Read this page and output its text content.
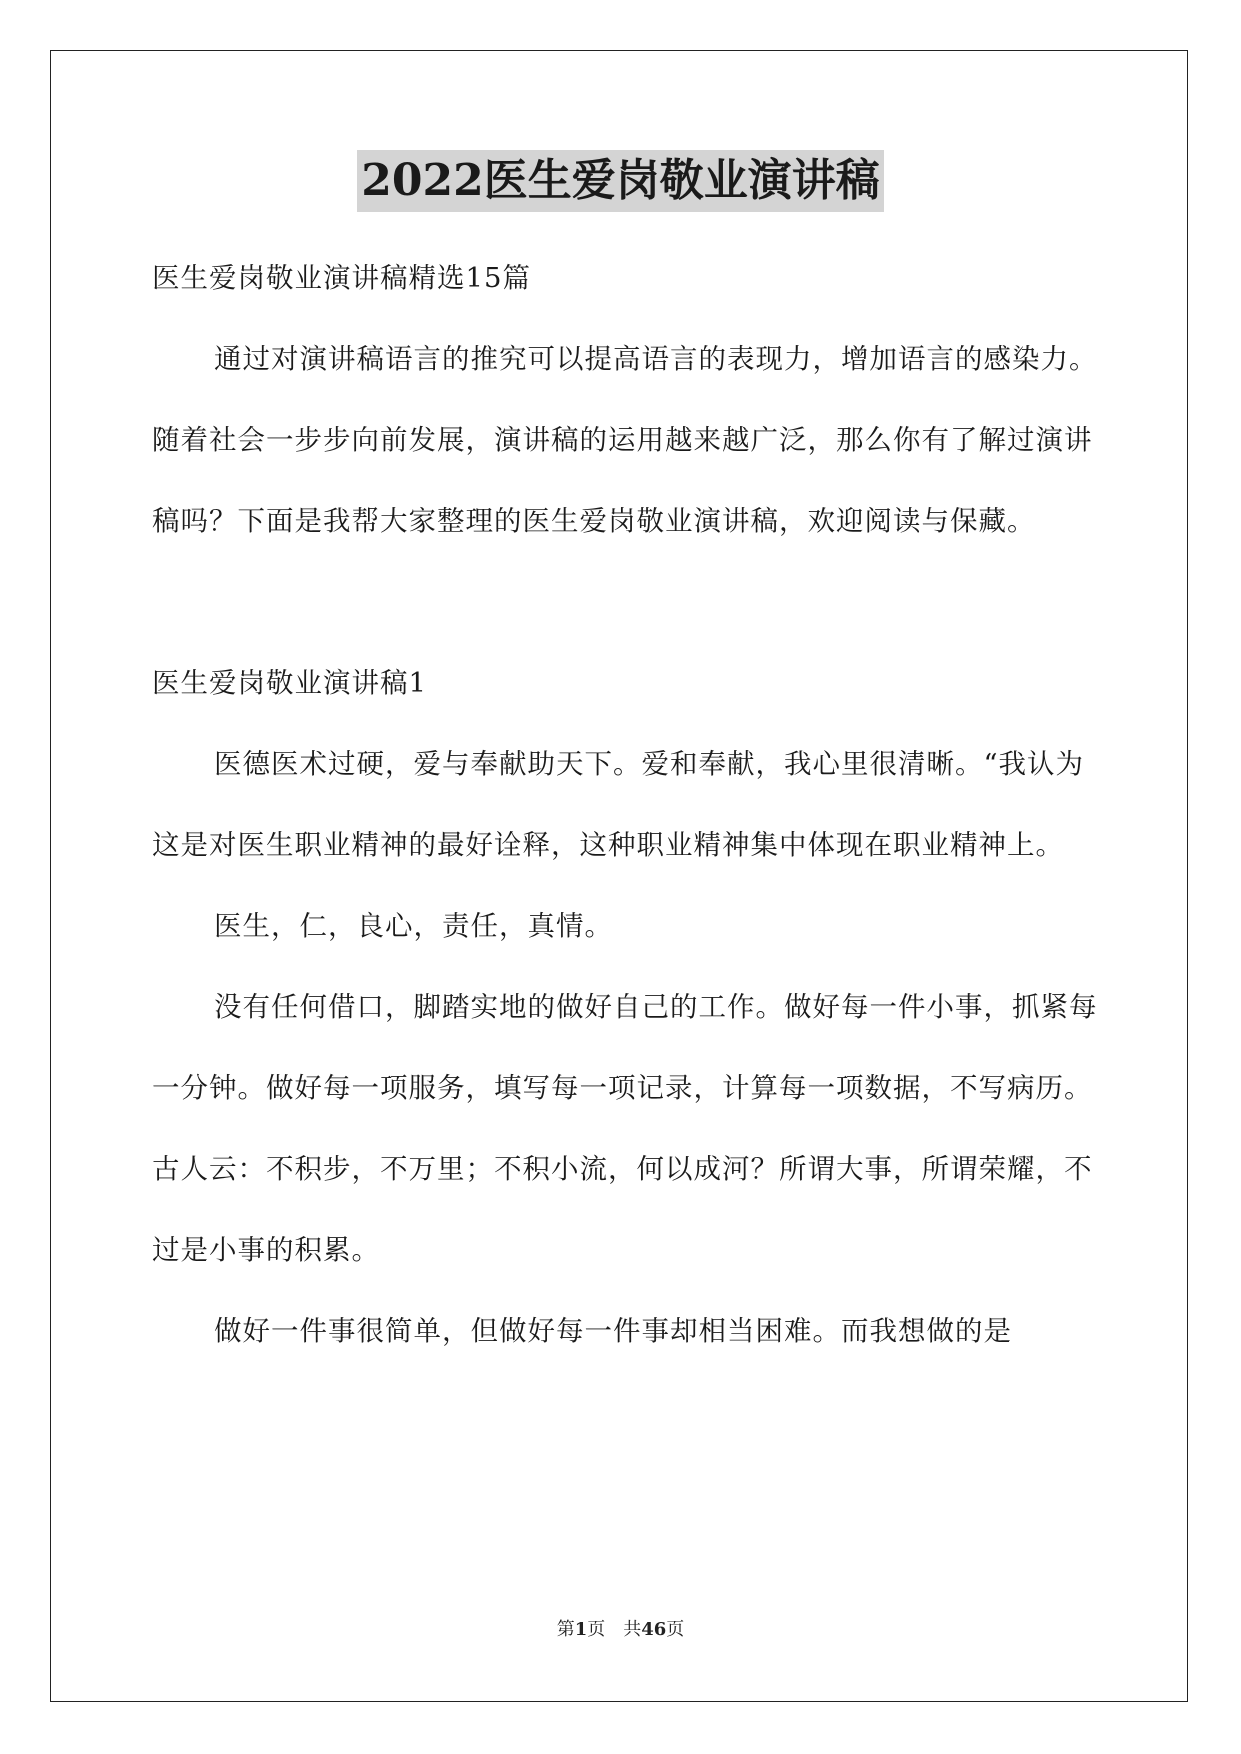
2022医生爱岗敬业演讲稿

医生爱岗敬业演讲稿精选15篇

通过对演讲稿语言的推究可以提高语言的表现力，增加语言的感染力。随着社会一步步向前发展，演讲稿的运用越来越广泛，那么你有了解过演讲稿吗？下面是我帮大家整理的医生爱岗敬业演讲稿，欢迎阅读与保藏。

医生爱岗敬业演讲稿1

医德医术过硬，爱与奉献助天下。爱和奉献，我心里很清晰。“我认为这是对医生职业精神的最好诠释，这种职业精神集中体现在职业精神上。

医生，仁，良心，责任，真情。

没有任何借口，脚踏实地的做好自己的工作。做好每一件小事，抓紧每一分钟。做好每一项服务，填写每一项记录，计算每一项数据，不写病历。古人云：不积步，不万里；不积小流，何以成河？所谓大事，所谓荣耀，不过是小事的积累。

做好一件事很简单，但做好每一件事却相当困难。而我想做的是

第1页　共46页
